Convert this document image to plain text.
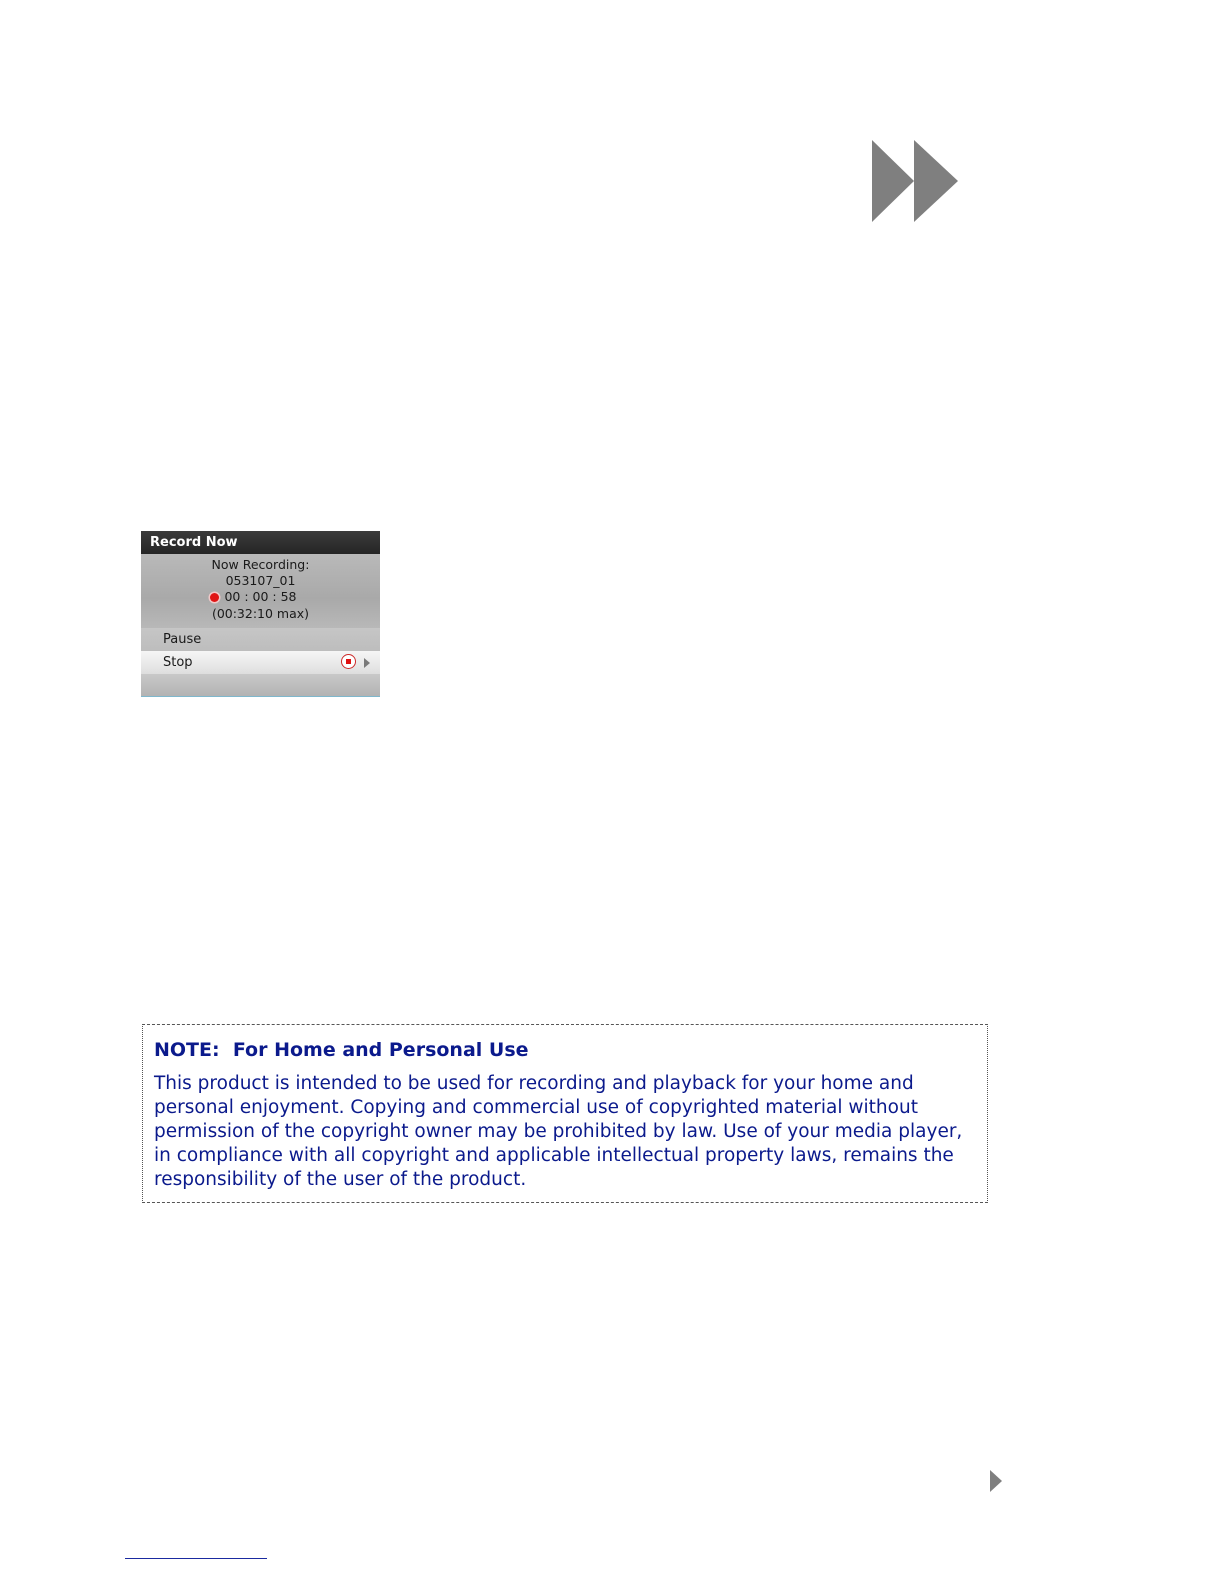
Record Now
Now Recording:
053107_01
00 : 00 : 58
(00:32:10 max)
Pause
Stop

NOTE:  For Home and Personal Use

This product is intended to be used for recording and playback for your home and personal enjoyment. Copying and commercial use of copyrighted material without permission of the copyright owner may be prohibited by law. Use of your media player, in compliance with all copyright and applicable intellectual property laws, remains the responsibility of the user of the product.
